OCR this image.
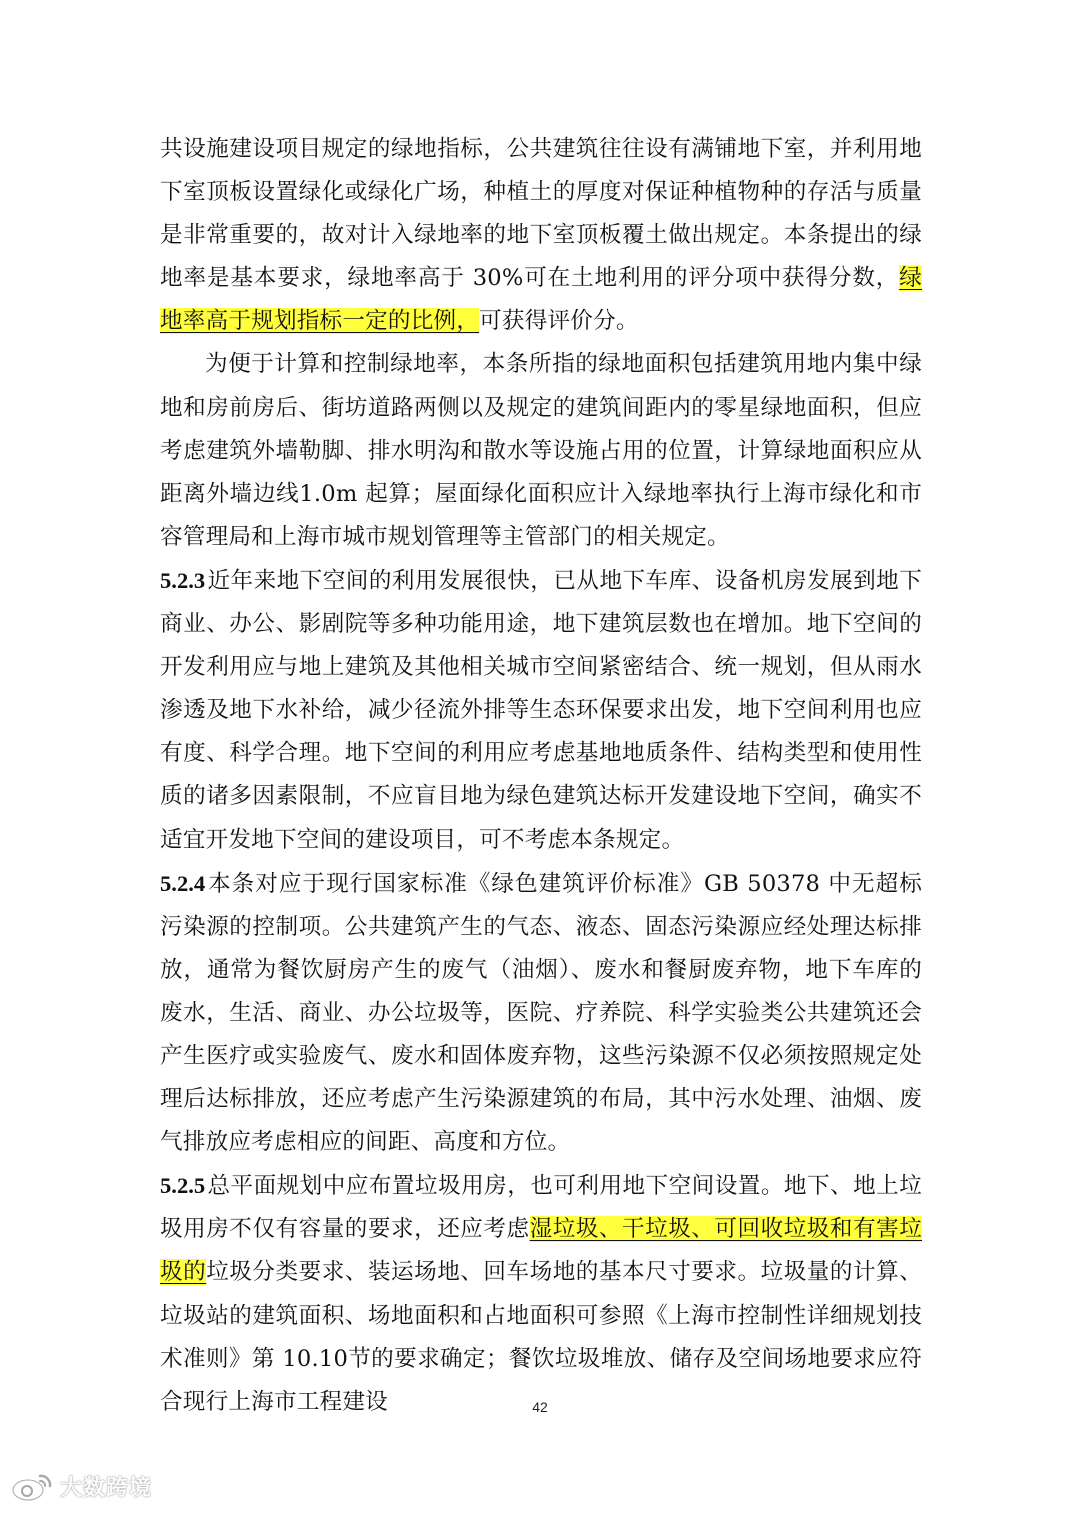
共设施建设项目规定的绿地指标，公共建筑往往设有满铺地下室，并利用地下室顶板设置绿化或绿化广场，种植土的厚度对保证种植物种的存活与质量是非常重要的，故对计入绿地率的地下室顶板覆土做出规定。本条提出的绿地率是基本要求，绿地率高于 30%可在土地利用的评分项中获得分数，绿地率高于规划指标一定的比例，可获得评价分。

为便于计算和控制绿地率，本条所指的绿地面积包括建筑用地内集中绿地和房前房后、街坊道路两侧以及规定的建筑间距内的零星绿地面积，但应考虑建筑外墙勒脚、排水明沟和散水等设施占用的位置，计算绿地面积应从距离外墙边线1.0m 起算；屋面绿化面积应计入绿地率执行上海市绿化和市容管理局和上海市城市规划管理等主管部门的相关规定。

5.2.3近年来地下空间的利用发展很快，已从地下车库、设备机房发展到地下商业、办公、影剧院等多种功能用途，地下建筑层数也在增加。地下空间的开发利用应与地上建筑及其他相关城市空间紧密结合、统一规划，但从雨水渗透及地下水补给，减少径流外排等生态环保要求出发，地下空间利用也应有度、科学合理。地下空间的利用应考虑基地地质条件、结构类型和使用性质的诸多因素限制，不应盲目地为绿色建筑达标开发建设地下空间，确实不适宜开发地下空间的建设项目，可不考虑本条规定。

5.2.4本条对应于现行国家标准《绿色建筑评价标准》GB 50378 中无超标污染源的控制项。公共建筑产生的气态、液态、固态污染源应经处理达标排放，通常为餐饮厨房产生的废气（油烟）、废水和餐厨废弃物，地下车库的废水，生活、商业、办公垃圾等，医院、疗养院、科学实验类公共建筑还会产生医疗或实验废气、废水和固体废弃物，这些污染源不仅必须按照规定处理后达标排放，还应考虑产生污染源建筑的布局，其中污水处理、油烟、废气排放应考虑相应的间距、高度和方位。

5.2.5总平面规划中应布置垃圾用房，也可利用地下空间设置。地下、地上垃圾用房不仅有容量的要求，还应考虑湿垃圾、干垃圾、可回收垃圾和有害垃圾的垃圾分类要求、装运场地、回车场地的基本尺寸要求。垃圾量的计算、垃圾站的建筑面积、场地面积和占地面积可参照《上海市控制性详细规划技术准则》第 10.10节的要求确定；餐饮垃圾堆放、储存及空间场地要求应符合现行上海市工程建设	42
大数跨境
